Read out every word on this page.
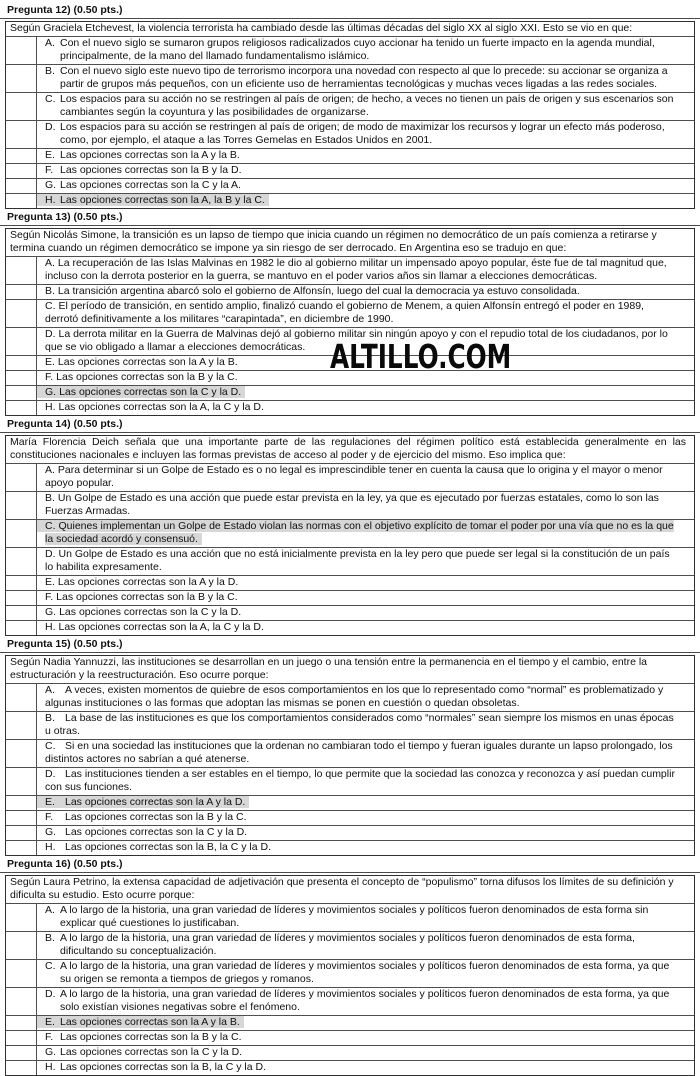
Pregunta 12) (0.50 pts.)
Según Graciela Etchevest, la violencia terrorista ha cambiado desde las últimas décadas del siglo XX al siglo XXI. Esto se vio en que:
A. Con el nuevo siglo se sumaron grupos religiosos radicalizados cuyo accionar ha tenido un fuerte impacto en la agenda mundial, principalmente, de la mano del llamado fundamentalismo islámico.
B. Con el nuevo siglo este nuevo tipo de terrorismo incorpora una novedad con respecto al que lo precede: su accionar se organiza a partir de grupos más pequeños, con un eficiente uso de herramientas tecnológicas y muchas veces ligadas a las redes sociales.
C. Los espacios para su acción no se restringen al país de origen; de hecho, a veces no tienen un país de origen y sus escenarios son cambiantes según la coyuntura y las posibilidades de organizarse.
D. Los espacios para su acción se restringen al país de origen; de modo de maximizar los recursos y lograr un efecto más poderoso, como, por ejemplo, el ataque a las Torres Gemelas en Estados Unidos en 2001.
E. Las opciones correctas son la A y la B.
F. Las opciones correctas son la B y la D.
G. Las opciones correctas son la C y la A.
H. Las opciones correctas son la A, la B y la C.
Pregunta 13) (0.50 pts.)
Según Nicolás Simone, la transición es un lapso de tiempo que inicia cuando un régimen no democrático de un país comienza a retirarse y termina cuando un régimen democrático se impone ya sin riesgo de ser derrocado. En Argentina eso se tradujo en que:
A. La recuperación de las Islas Malvinas en 1982 le dio al gobierno militar un impensado apoyo popular, éste fue de tal magnitud que, incluso con la derrota posterior en la guerra, se mantuvo en el poder varios años sin llamar a elecciones democráticas.
B. La transición argentina abarcó solo el gobierno de Alfonsín, luego del cual la democracia ya estuvo consolidada.
C. El período de transición, en sentido amplio, finalizó cuando el gobierno de Menem, a quien Alfonsín entregó el poder en 1989, derrotó definitivamente a los militares “carapintada”, en diciembre de 1990.
D. La derrota militar en la Guerra de Malvinas dejó al gobierno militar sin ningún apoyo y con el repudio total de los ciudadanos, por lo que se vio obligado a llamar a elecciones democráticas.
E. Las opciones correctas son la A y la B.
F. Las opciones correctas son la B y la C.
G. Las opciones correctas son la C y la D.
H. Las opciones correctas son la A, la C y la D.
Pregunta 14) (0.50 pts.)
María Florencia Deich señala que una importante parte de las regulaciones del régimen político está establecida generalmente en las constituciones nacionales e incluyen las formas previstas de acceso al poder y de ejercicio del mismo. Eso implica que:
A. Para determinar si un Golpe de Estado es o no legal es imprescindible tener en cuenta la causa que lo origina y el mayor o menor apoyo popular.
B. Un Golpe de Estado es una acción que puede estar prevista en la ley, ya que es ejecutado por fuerzas estatales, como lo son las Fuerzas Armadas.
C. Quienes implementan un Golpe de Estado violan las normas con el objetivo explícito de tomar el poder por una vía que no es la que la sociedad acordó y consensuó.
D. Un Golpe de Estado es una acción que no está inicialmente prevista en la ley pero que puede ser legal si la constitución de un país lo habilita expresamente.
E. Las opciones correctas son la A y la D.
F. Las opciones correctas son la B y la C.
G. Las opciones correctas son la C y la D.
H. Las opciones correctas son la A, la C y la D.
Pregunta 15) (0.50 pts.)
Según Nadia Yannuzzi, las instituciones se desarrollan en un juego o una tensión entre la permanencia en el tiempo y el cambio, entre la estructuración y la reestructuración. Eso ocurre porque:
A. A veces, existen momentos de quiebre de esos comportamientos en los que lo representado como “normal” es problematizado y algunas instituciones o las formas que adoptan las mismas se ponen en cuestión o quedan obsoletas.
B. La base de las instituciones es que los comportamientos considerados como “normales” sean siempre los mismos en unas épocas u otras.
C. Si en una sociedad las instituciones que la ordenan no cambiaran todo el tiempo y fueran iguales durante un lapso prolongado, los distintos actores no sabrían a qué atenerse.
D. Las instituciones tienden a ser estables en el tiempo, lo que permite que la sociedad las conozca y reconozca y así puedan cumplir con sus funciones.
E. Las opciones correctas son la A y la D.
F. Las opciones correctas son la B y la C.
G. Las opciones correctas son la C y la D.
H. Las opciones correctas son la B, la C y la D.
Pregunta 16) (0.50 pts.)
Según Laura Petrino, la extensa capacidad de adjetivación que presenta el concepto de “populismo” torna difusos los límites de su definición y dificulta su estudio. Esto ocurre porque:
A. A lo largo de la historia, una gran variedad de líderes y movimientos sociales y políticos fueron denominados de esta forma sin explicar qué cuestiones lo justificaban.
B. A lo largo de la historia, una gran variedad de líderes y movimientos sociales y políticos fueron denominados de esta forma, dificultando su conceptualización.
C. A lo largo de la historia, una gran variedad de líderes y movimientos sociales y políticos fueron denominados de esta forma, ya que su origen se remonta a tiempos de griegos y romanos.
D. A lo largo de la historia, una gran variedad de líderes y movimientos sociales y políticos fueron denominados de esta forma, ya que solo existían visiones negativas sobre el fenómeno.
E. Las opciones correctas son la A y la B.
F. Las opciones correctas son la B y la C.
G. Las opciones correctas son la C y la D.
H. Las opciones correctas son la B, la C y la D.
ALTILLO.COM
